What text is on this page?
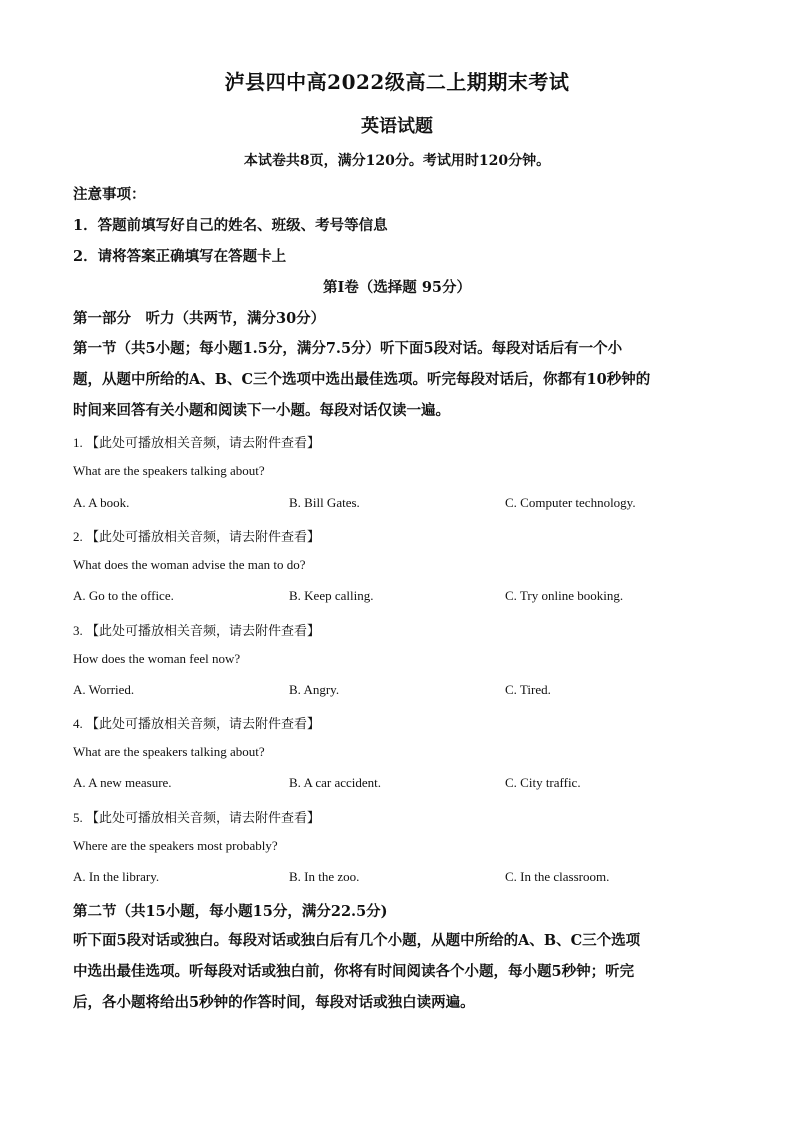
泸县四中高2022级高二上期期末考试
英语试题
本试卷共8页，满分120分。考试用时120分钟。
注意事项：
1．答题前填写好自己的姓名、班级、考号等信息
2．请将答案正确填写在答题卡上
第I卷（选择题 95分）
第一部分　听力（共两节，满分30分）
第一节（共5小题；每小题1.5分，满分7.5分）听下面5段对话。每段对话后有一个小
题，从题中所给的A、B、C三个选项中选出最佳选项。听完每段对话后，你都有10秒钟的
时间来回答有关小题和阅读下一小题。每段对话仅读一遍。
1. 【此处可播放相关音频，请去附件查看】
What are the speakers talking about?
A. A book.	B. Bill Gates.	C. Computer technology.
2. 【此处可播放相关音频，请去附件查看】
What does the woman advise the man to do?
A. Go to the office.	B. Keep calling.	C. Try online booking.
3. 【此处可播放相关音频，请去附件查看】
How does the woman feel now?
A. Worried.	B. Angry.	C. Tired.
4. 【此处可播放相关音频，请去附件查看】
What are the speakers talking about?
A. A new measure.	B. A car accident.	C. City traffic.
5. 【此处可播放相关音频，请去附件查看】
Where are the speakers most probably?
A. In the library.	B. In the zoo.	C. In the classroom.
第二节（共15小题，每小题15分，满分22.5分)
听下面5段对话或独白。每段对话或独白后有几个小题，从题中所给的A、B、C三个选项
中选出最佳选项。听每段对话或独白前，你将有时间阅读各个小题，每小题5秒钟；听完
后，各小题将给出5秒钟的作答时间，每段对话或独白读两遍。
